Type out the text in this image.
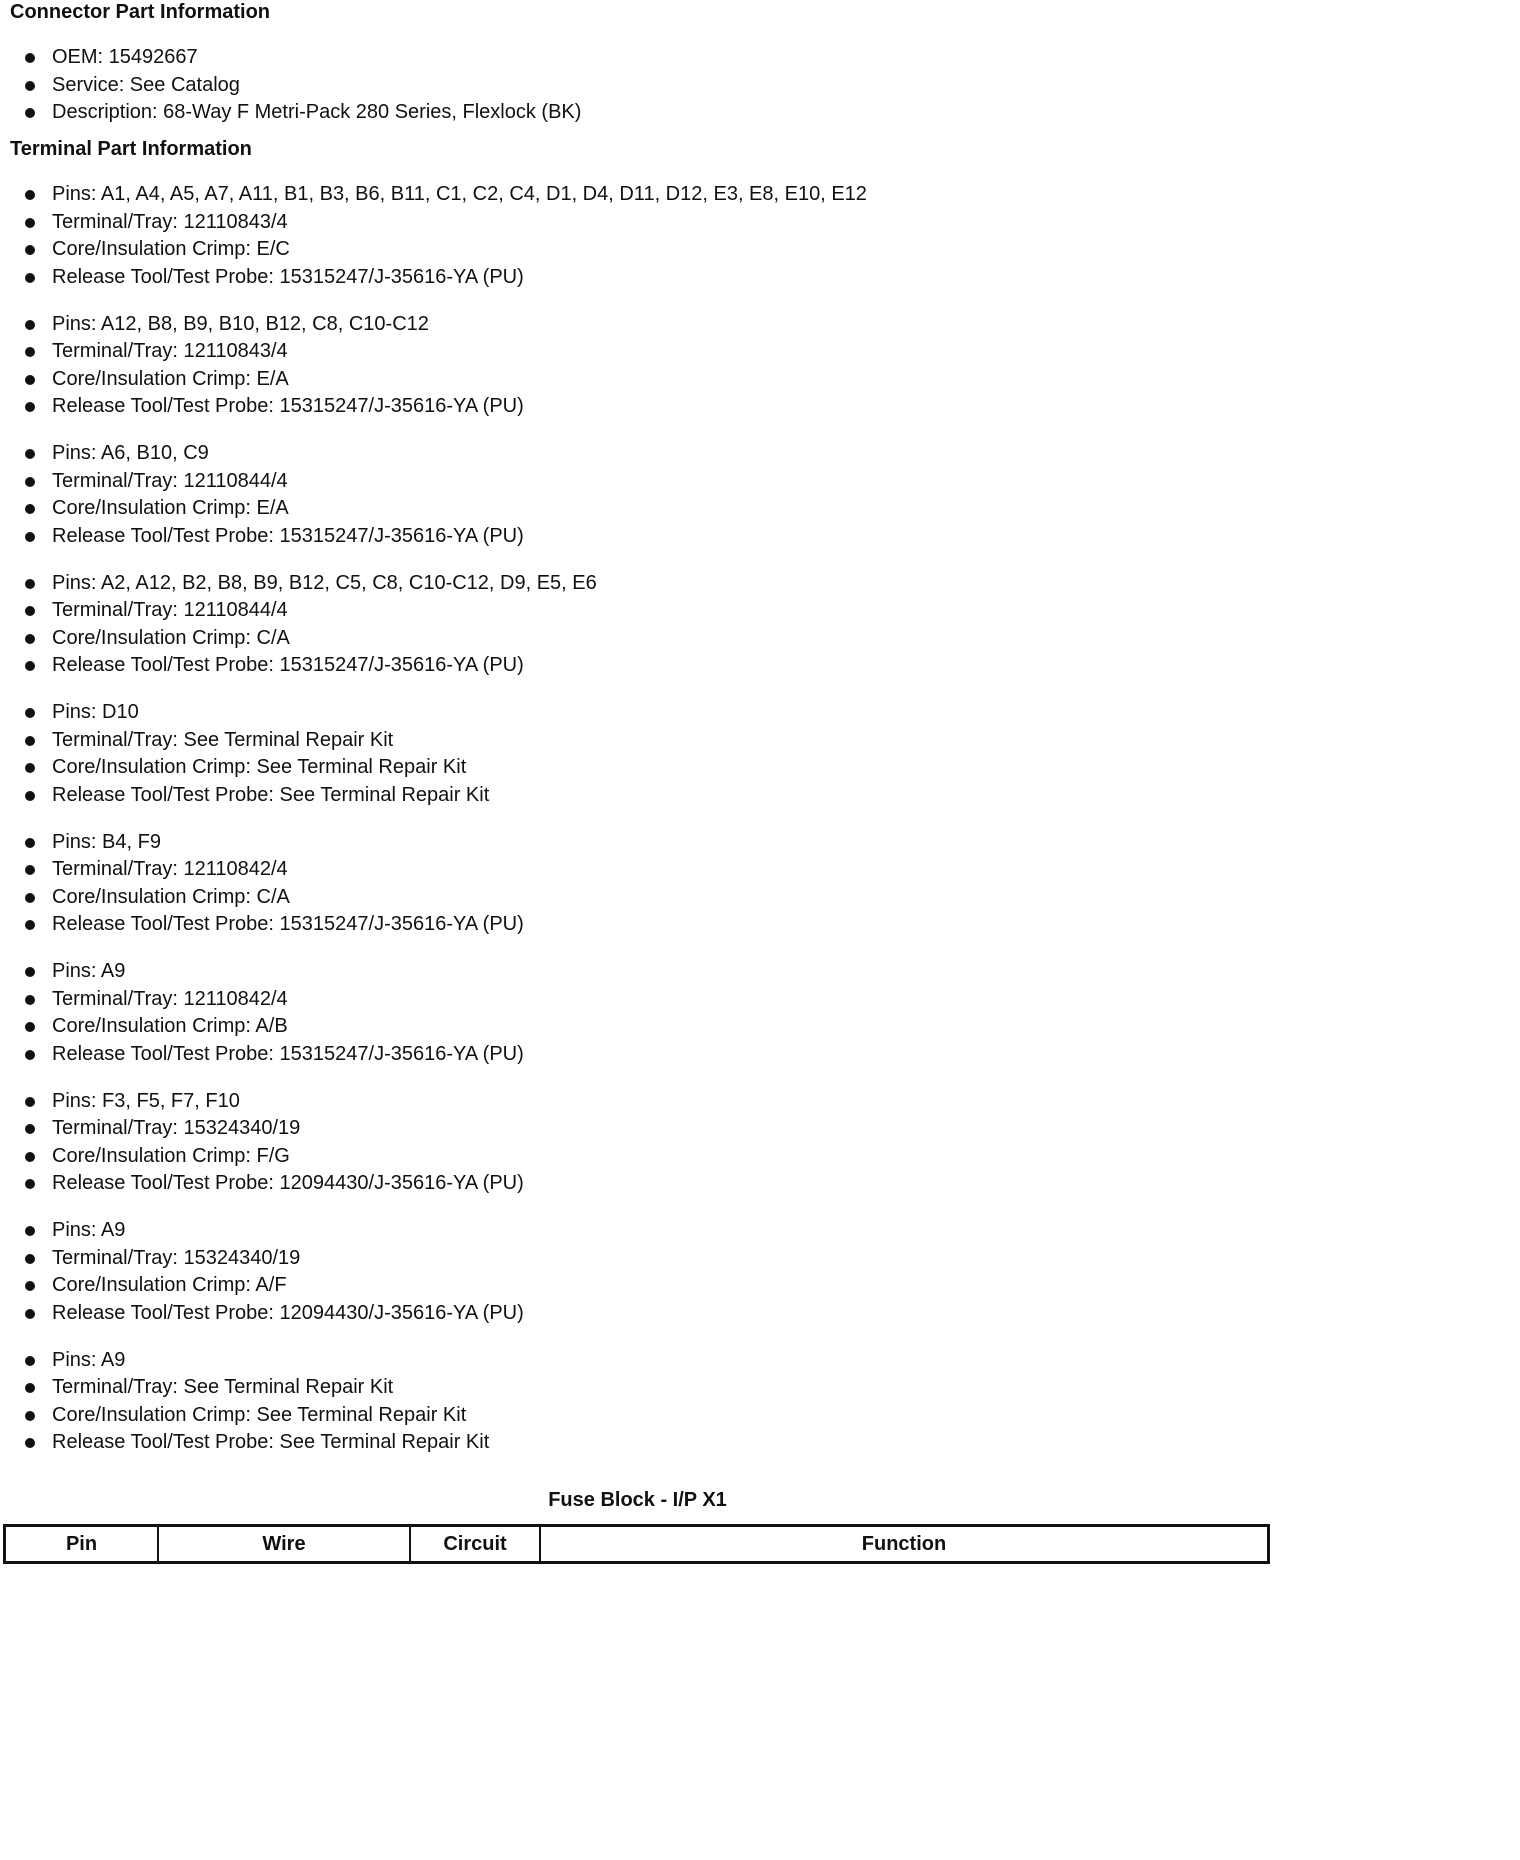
Connector Part Information
OEM: 15492667
Service: See Catalog
Description: 68-Way F Metri-Pack 280 Series, Flexlock (BK)
Terminal Part Information
Pins: A1, A4, A5, A7, A11, B1, B3, B6, B11, C1, C2, C4, D1, D4, D11, D12, E3, E8, E10, E12
Terminal/Tray: 12110843/4
Core/Insulation Crimp: E/C
Release Tool/Test Probe: 15315247/J-35616-YA (PU)
Pins: A12, B8, B9, B10, B12, C8, C10-C12
Terminal/Tray: 12110843/4
Core/Insulation Crimp: E/A
Release Tool/Test Probe: 15315247/J-35616-YA (PU)
Pins: A6, B10, C9
Terminal/Tray: 12110844/4
Core/Insulation Crimp: E/A
Release Tool/Test Probe: 15315247/J-35616-YA (PU)
Pins: A2, A12, B2, B8, B9, B12, C5, C8, C10-C12, D9, E5, E6
Terminal/Tray: 12110844/4
Core/Insulation Crimp: C/A
Release Tool/Test Probe: 15315247/J-35616-YA (PU)
Pins: D10
Terminal/Tray: See Terminal Repair Kit
Core/Insulation Crimp: See Terminal Repair Kit
Release Tool/Test Probe: See Terminal Repair Kit
Pins: B4, F9
Terminal/Tray: 12110842/4
Core/Insulation Crimp: C/A
Release Tool/Test Probe: 15315247/J-35616-YA (PU)
Pins: A9
Terminal/Tray: 12110842/4
Core/Insulation Crimp: A/B
Release Tool/Test Probe: 15315247/J-35616-YA (PU)
Pins: F3, F5, F7, F10
Terminal/Tray: 15324340/19
Core/Insulation Crimp: F/G
Release Tool/Test Probe: 12094430/J-35616-YA (PU)
Pins: A9
Terminal/Tray: 15324340/19
Core/Insulation Crimp: A/F
Release Tool/Test Probe: 12094430/J-35616-YA (PU)
Pins: A9
Terminal/Tray: See Terminal Repair Kit
Core/Insulation Crimp: See Terminal Repair Kit
Release Tool/Test Probe: See Terminal Repair Kit
Fuse Block - I/P X1
Pin	Wire	Circuit	Function
